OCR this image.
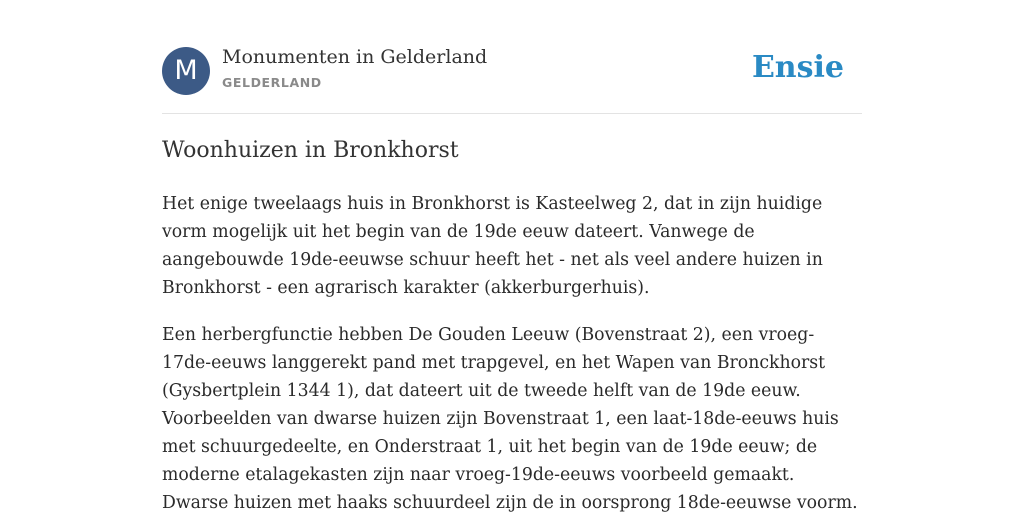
M	Monumenten in Gelderland
GELDERLAND	Ensie
Woonhuizen in Bronkhorst

Het enige tweelaags huis in Bronkhorst is Kasteelweg 2, dat in zijn huidige vorm mogelijk uit het begin van de 19de eeuw dateert. Vanwege de aangebouwde 19de-eeuwse schuur heeft het - net als veel andere huizen in Bronkhorst - een agrarisch karakter (akkerburgerhuis).

Een herbergfunctie hebben De Gouden Leeuw (Bovenstraat 2), een vroeg-17de-eeuws langgerekt pand met trapgevel, en het Wapen van Bronckhorst (Gysbertplein 1344 1), dat dateert uit de tweede helft van de 19de eeuw. Voorbeelden van dwarse huizen zijn Bovenstraat 1, een laat-18de-eeuws huis met schuurgedeelte, en Onderstraat 1, uit het begin van de 19de eeuw; de moderne etalagekasten zijn naar vroeg-19de-eeuws voorbeeld gemaakt. Dwarse huizen met haaks schuurdeel zijn de in oorsprong 18de-eeuwse voorm.
